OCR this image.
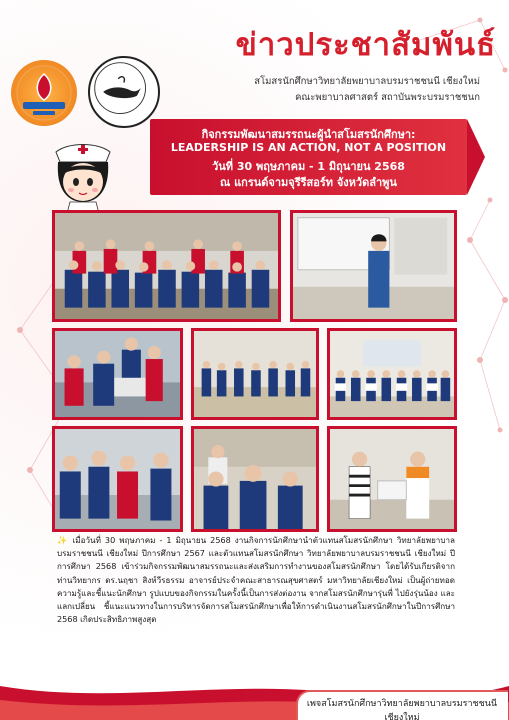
ข่าวประชาสัมพันธ์
สโมสรนักศึกษาวิทยาลัยพยาบาลบรมราชชนนี เชียงใหม่
คณะพยาบาลศาสตร์ สถาบันพระบรมราชชนก
กิจกรรมพัฒนาสมรรถนะผู้นำสโมสรนักศึกษา:
LEADERSHIP IS AN ACTION, NOT A POSITION
วันที่ 30 พฤษภาคม - 1 มิถุนายน 2568
ณ แกรนด์จามจุรีรีสอร์ท จังหวัดลำพูน
✨ เมื่อวันที่ 30 พฤษภาคม - 1 มิถุนายน 2568 งานกิจการนักศึกษานำตัวแทนสโมสรนักศึกษา วิทยาลัยพยาบาลบรมราชชนนี เชียงใหม่ ปีการศึกษา 2567 และตัวแทนสโมสรนักศึกษา วิทยาลัยพยาบาลบรมราชชนนี เชียงใหม่ ปีการศึกษา 2568 เข้าร่วมกิจกรรมพัฒนาสมรรถนะและส่งเสริมการทำงานของสโมสรนักศึกษา โดยได้รับเกียรติจากท่านวิทยากร ดร.นฤชา สิงห์วีรธรรม อาจารย์ประจำคณะสาธารณสุขศาสตร์ มหาวิทยาลัยเชียงใหม่ เป็นผู้ถ่ายทอดความรู้และชี้แนะนักศึกษา รูปแบบของกิจกรรมในครั้งนี้เป็นการส่งต่องาน จากสโมสรนักศึกษารุ่นพี่ ไปยังรุ่นน้อง และแลกเปลี่ยน ชี้แนะแนวทางในการบริหารจัดการสโมสรนักศึกษาเพื่อให้การดำเนินงานสโมสรนักศึกษาในปีการศึกษา 2568 เกิดประสิทธิภาพสูงสุด
เพจสโมสรนักศึกษาวิทยาลัยพยาบาลบรมราชชนนีเชียงใหม่
